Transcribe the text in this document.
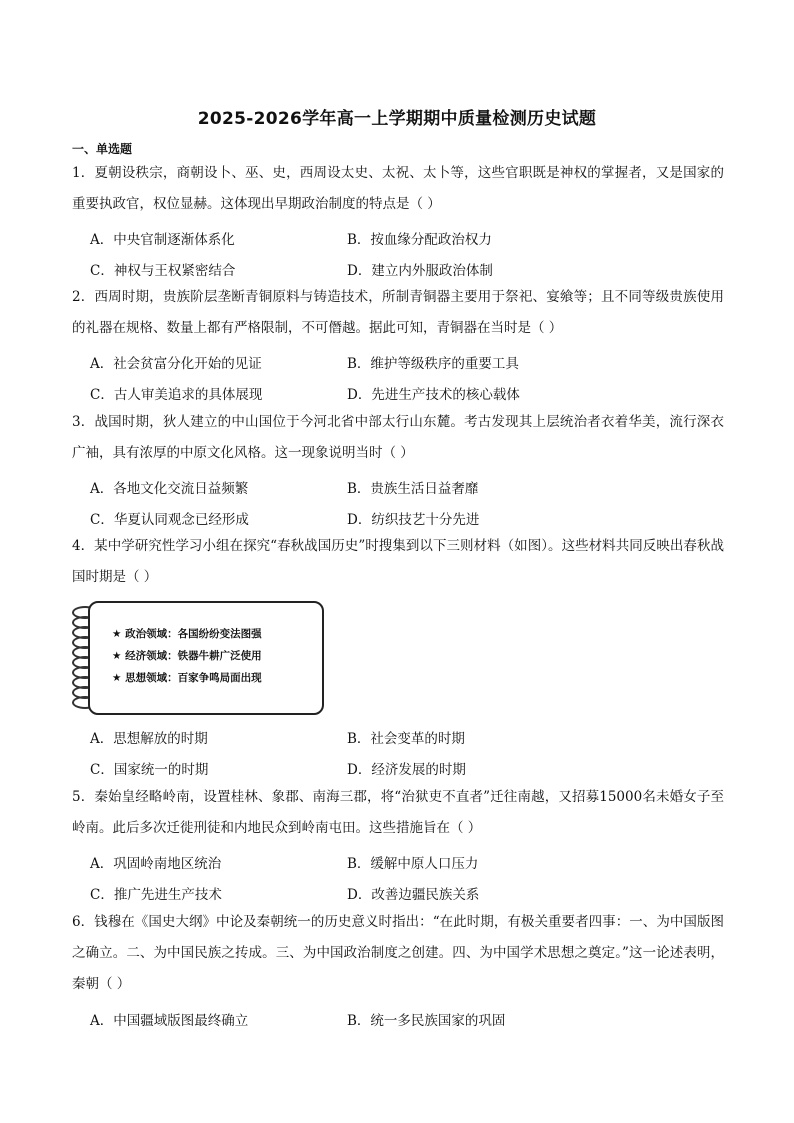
2025-2026学年高一上学期期中质量检测历史试题
一、单选题

1．夏朝设秩宗，商朝设卜、巫、史，西周设太史、太祝、太卜等，这些官职既是神权的掌握者，又是国家的重要执政官，权位显赫。这体现出早期政治制度的特点是（ ）

A．中央官制逐渐体系化	B．按血缘分配政治权力
C．神权与王权紧密结合	D．建立内外服政治体制

2．西周时期，贵族阶层垄断青铜原料与铸造技术，所制青铜器主要用于祭祀、宴飨等；且不同等级贵族使用的礼器在规格、数量上都有严格限制，不可僭越。据此可知，青铜器在当时是（ ）

A．社会贫富分化开始的见证	B．维护等级秩序的重要工具
C．古人审美追求的具体展现	D．先进生产技术的核心载体

3．战国时期，狄人建立的中山国位于今河北省中部太行山东麓。考古发现其上层统治者衣着华美，流行深衣广袖，具有浓厚的中原文化风格。这一现象说明当时（ ）

A．各地文化交流日益频繁	B．贵族生活日益奢靡
C．华夏认同观念已经形成	D．纺织技艺十分先进

4．某中学研究性学习小组在探究“春秋战国历史”时搜集到以下三则材料（如图）。这些材料共同反映出春秋战国时期是（ ）

★ 政治领域：各国纷纷变法图强
★ 经济领域：铁器牛耕广泛使用
★ 思想领域：百家争鸣局面出现
A．思想解放的时期	B．社会变革的时期
C．国家统一的时期	D．经济发展的时期

5．秦始皇经略岭南，设置桂林、象郡、南海三郡，将“治狱吏不直者”迁往南越，又招募15000名未婚女子至岭南。此后多次迁徙刑徒和内地民众到岭南屯田。这些措施旨在（ ）

A．巩固岭南地区统治	B．缓解中原人口压力
C．推广先进生产技术	D．改善边疆民族关系

6．钱穆在《国史大纲》中论及秦朝统一的历史意义时指出：“在此时期，有极关重要者四事：一、为中国版图之确立。二、为中国民族之抟成。三、为中国政治制度之创建。四、为中国学术思想之奠定。”这一论述表明，秦朝（ ）

A．中国疆域版图最终确立	B．统一多民族国家的巩固
